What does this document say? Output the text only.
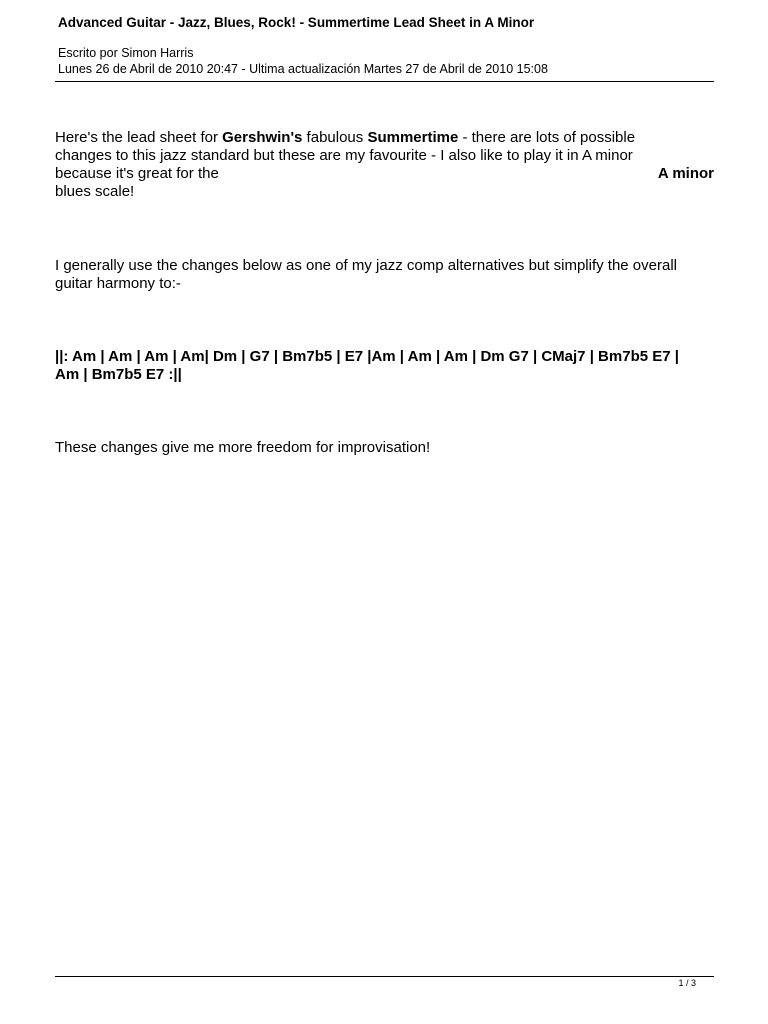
Advanced Guitar - Jazz, Blues, Rock! - Summertime Lead Sheet in A Minor
Escrito por Simon Harris
Lunes 26 de Abril de 2010 20:47 - Ultima actualización Martes 27 de Abril de 2010 15:08
Here's the lead sheet for Gershwin's fabulous Summertime - there are lots of possible
changes to this jazz standard but these are my favourite - I also like to play it in A minor
because it's great for the	A minor
blues scale!
I generally use the changes below as one of my jazz comp alternatives but simplify the overall
guitar harmony to:-
||: Am | Am | Am | Am| Dm | G7 | Bm7b5 | E7 |Am | Am | Am | Dm G7 | CMaj7 | Bm7b5 E7 |
Am | Bm7b5 E7 :||
These changes give me more freedom for improvisation!
1 / 3
